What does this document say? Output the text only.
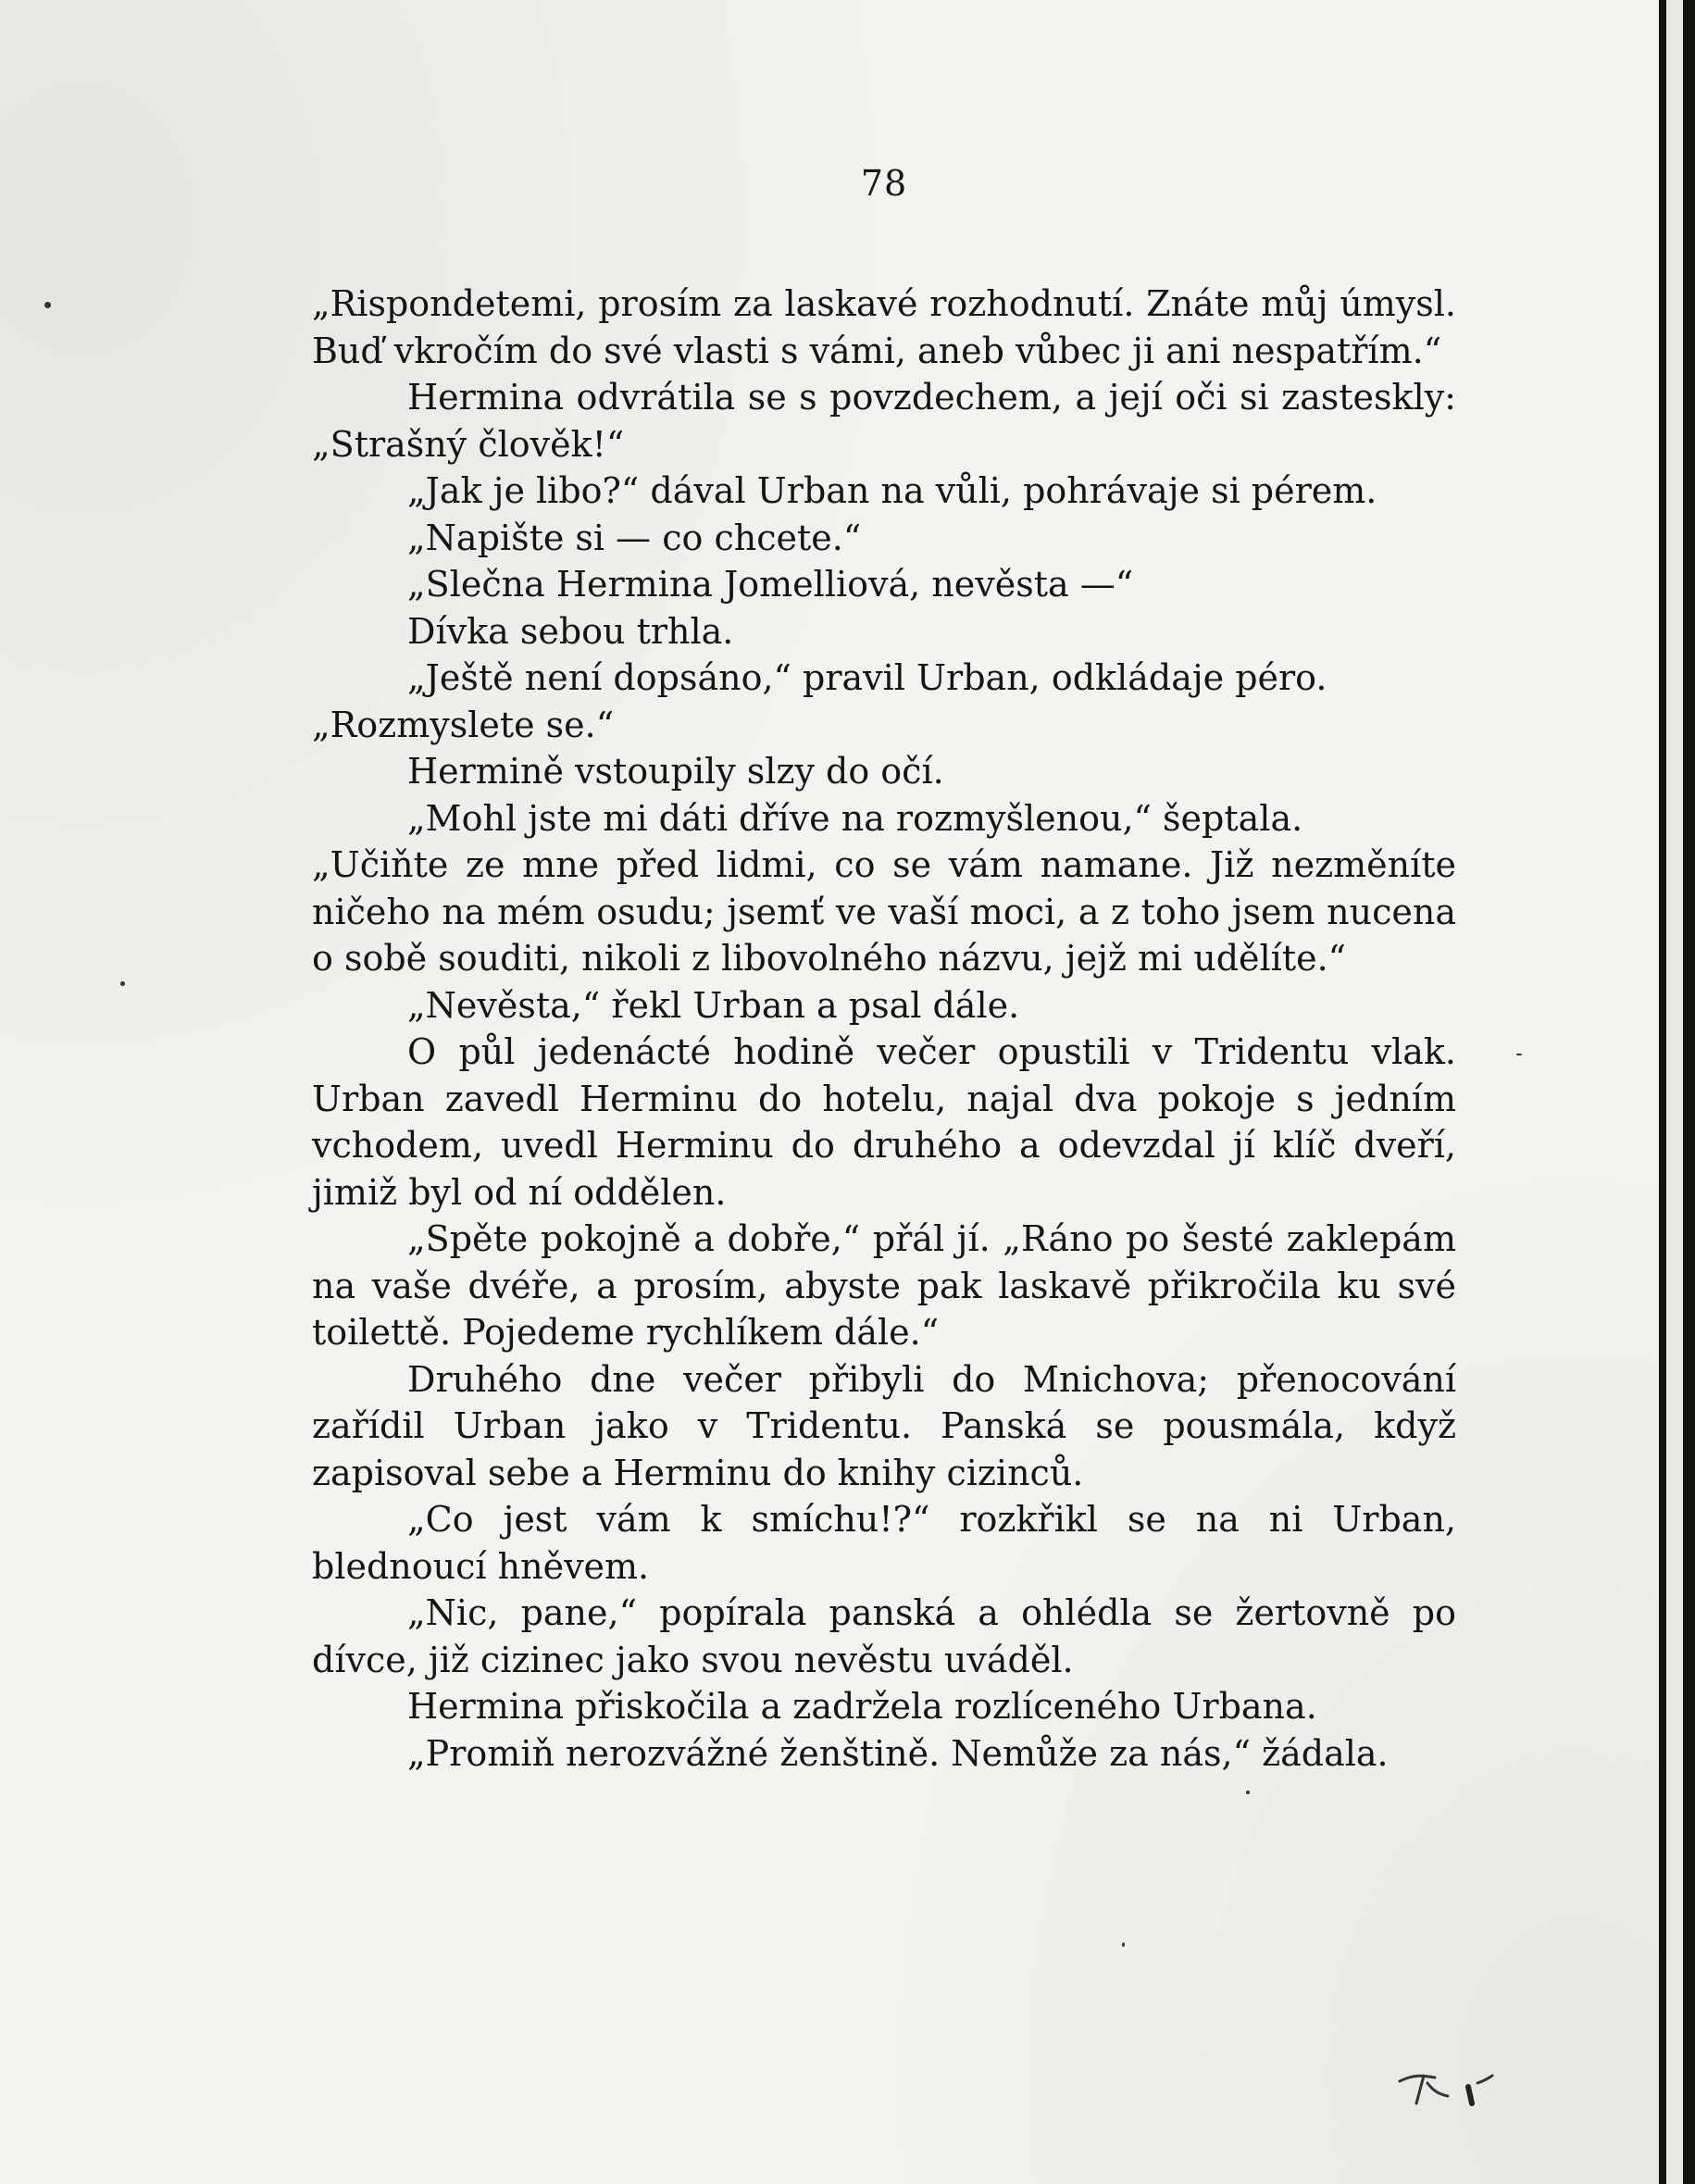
78

„Rispondetemi, prosím za laskavé rozhodnutí. Znáte můj úmysl. Buď vkročím do své vlasti s vámi, aneb vůbec ji ani nespatřím.“

Hermina odvrátila se s povzdechem, a její oči si zasteskly: „Strašný člověk!“

„Jak je libo?“ dával Urban na vůli, pohrávaje si pérem.

„Napište si — co chcete.“

„Slečna Hermina Jomelliová, nevěsta —“

Dívka sebou trhla.

„Ještě není dopsáno,“ pravil Urban, odkládaje péro.

„Rozmyslete se.“

Hermině vstoupily slzy do očí.

„Mohl jste mi dáti dříve na rozmyšlenou,“ šeptala.

„Učiňte ze mne před lidmi, co se vám namane. Již nezměníte ničeho na mém osudu; jsemť ve vaší moci, a z toho jsem nucena o sobě souditi, nikoli z libovolného názvu, jejž mi udělíte.“

„Nevěsta,“ řekl Urban a psal dále.

O půl jedenácté hodině večer opustili v Tridentu vlak. Urban zavedl Herminu do hotelu, najal dva pokoje s jedním vchodem, uvedl Herminu do druhého a odevzdal jí klíč dveří, jimiž byl od ní oddělen.

„Spěte pokojně a dobře,“ přál jí. „Ráno po šesté zaklepám na vaše dvéře, a prosím, abyste pak laskavě přikročila ku své toilettě. Pojedeme rychlíkem dále.“

Druhého dne večer přibyli do Mnichova; přenocování zařídil Urban jako v Tridentu. Panská se pousmála, když zapisoval sebe a Herminu do knihy cizinců.

„Co jest vám k smíchu!?“ rozkřikl se na ni Urban, blednoucí hněvem.

„Nic, pane,“ popírala panská a ohlédla se žertovně po dívce, již cizinec jako svou nevěstu uváděl.

Hermina přiskočila a zadržela rozlíceného Urbana.

„Promiň nerozvážné ženštině. Nemůže za nás,“ žádala.
